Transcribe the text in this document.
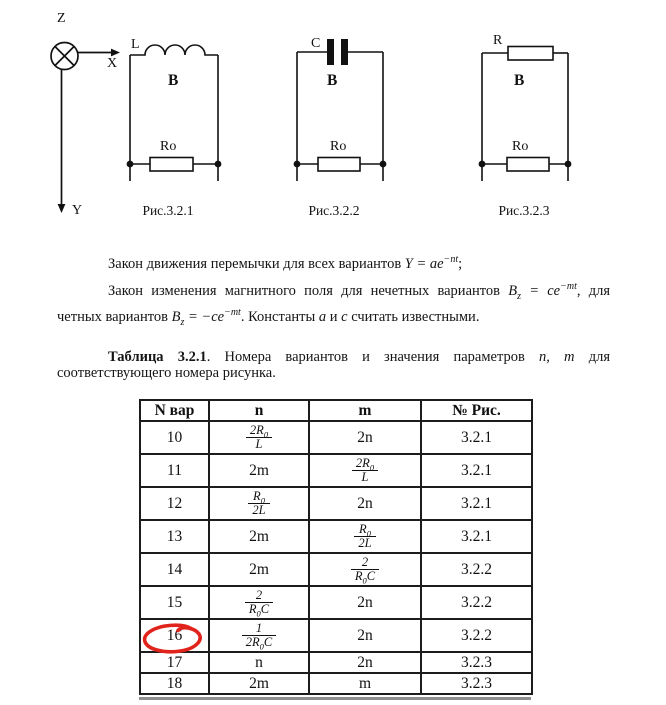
Z
X
Y
L
B
Ro
C
B
Ro
R
B
Ro
Рис.3.2.1	Рис.3.2.2	Рис.3.2.3
Закон движения перемычки для всех вариантов $Y = ae^{-nt}$;
Закон изменения магнитного поля для нечетных вариантов $B_z = ce^{-mt}$, для
четных вариантов $B_z = -ce^{-mt}$. Константы a и c считать известными.
Таблица 3.2.1. Номера вариантов и значения параметров n, m для
соответствующего номера рисунка.
N вар	n	m	№ Рис.
10	$\frac{2R_0}{L}$	2n	3.2.1
11	2m	$\frac{2R_0}{L}$	3.2.1
12	$\frac{R_0}{2L}$	2n	3.2.1
13	2m	$\frac{R_0}{2L}$	3.2.1
14	2m	$\frac{2}{R_0C}$	3.2.2
15	$\frac{2}{R_0C}$	2n	3.2.2
16	$\frac{1}{2R_0C}$	2n	3.2.2
17	n	2n	3.2.3
18	2m	m	3.2.3
